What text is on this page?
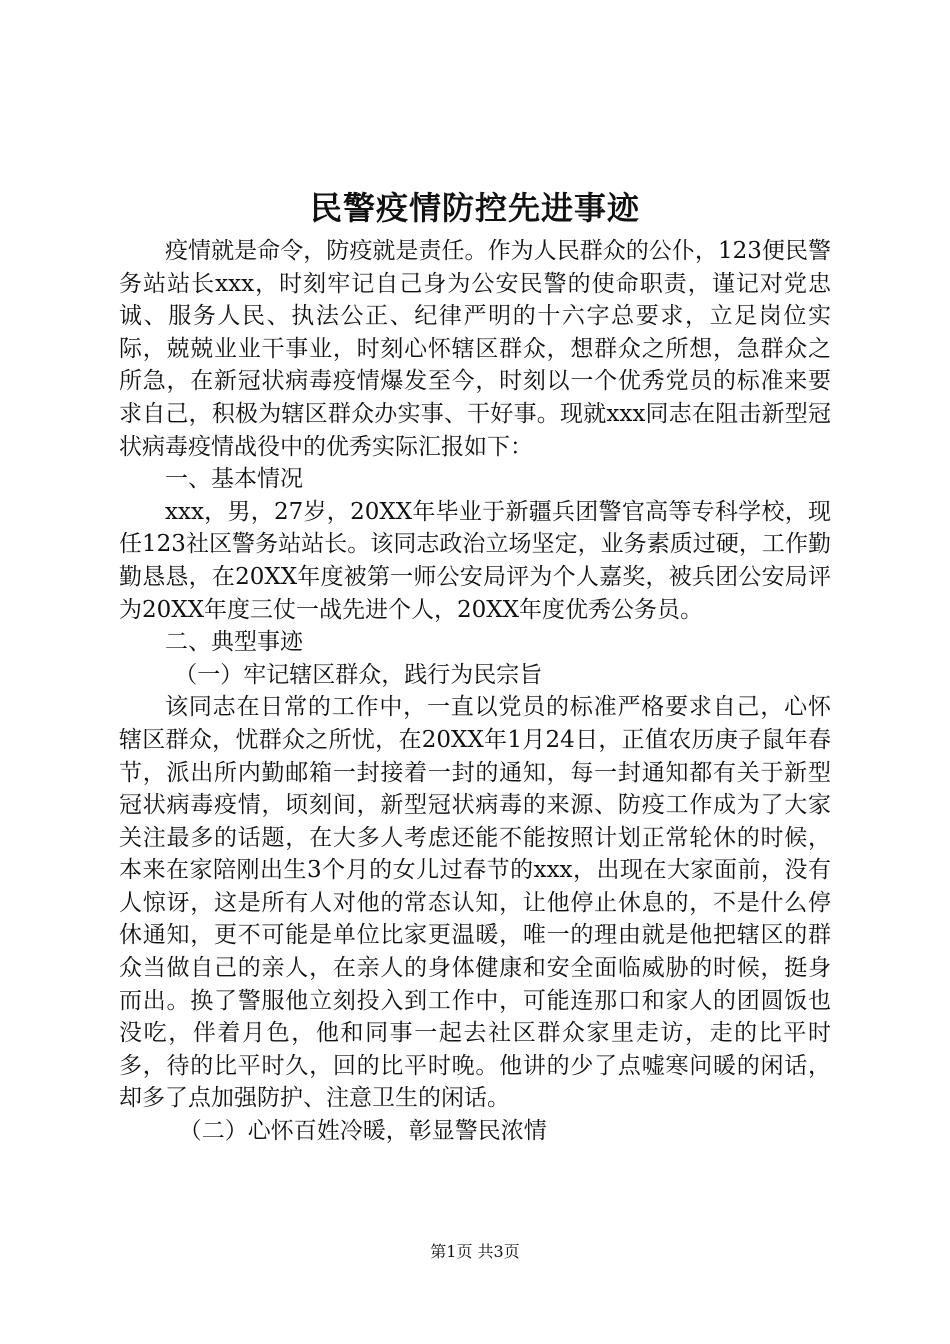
民警疫情防控先进事迹

疫情就是命令，防疫就是责任。作为人民群众的公仆，123便民警务站站长xxx，时刻牢记自己身为公安民警的使命职责，谨记对党忠诚、服务人民、执法公正、纪律严明的十六字总要求，立足岗位实际，兢兢业业干事业，时刻心怀辖区群众，想群众之所想，急群众之所急，在新冠状病毒疫情爆发至今，时刻以一个优秀党员的标准来要求自己，积极为辖区群众办实事、干好事。现就xxx同志在阻击新型冠状病毒疫情战役中的优秀实际汇报如下：

一、基本情况

xxx，男，27岁，20XX年毕业于新疆兵团警官高等专科学校，现任123社区警务站站长。该同志政治立场坚定，业务素质过硬，工作勤勤恳恳，在20XX年度被第一师公安局评为个人嘉奖，被兵团公安局评为20XX年度三仗一战先进个人，20XX年度优秀公务员。

二、典型事迹

（一）牢记辖区群众，践行为民宗旨

该同志在日常的工作中，一直以党员的标准严格要求自己，心怀辖区群众，忧群众之所忧，在20XX年1月24日，正值农历庚子鼠年春节，派出所内勤邮箱一封接着一封的通知，每一封通知都有关于新型冠状病毒疫情，顷刻间，新型冠状病毒的来源、防疫工作成为了大家关注最多的话题，在大多人考虑还能不能按照计划正常轮休的时候，本来在家陪刚出生3个月的女儿过春节的xxx，出现在大家面前，没有人惊讶，这是所有人对他的常态认知，让他停止休息的，不是什么停休通知，更不可能是单位比家更温暖，唯一的理由就是他把辖区的群众当做自己的亲人，在亲人的身体健康和安全面临威胁的时候，挺身而出。换了警服他立刻投入到工作中，可能连那口和家人的团圆饭也没吃，伴着月色，他和同事一起去社区群众家里走访，走的比平时多，待的比平时久，回的比平时晚。他讲的少了点嘘寒问暖的闲话，却多了点加强防护、注意卫生的闲话。

（二）心怀百姓冷暖，彰显警民浓情

第1页 共3页
